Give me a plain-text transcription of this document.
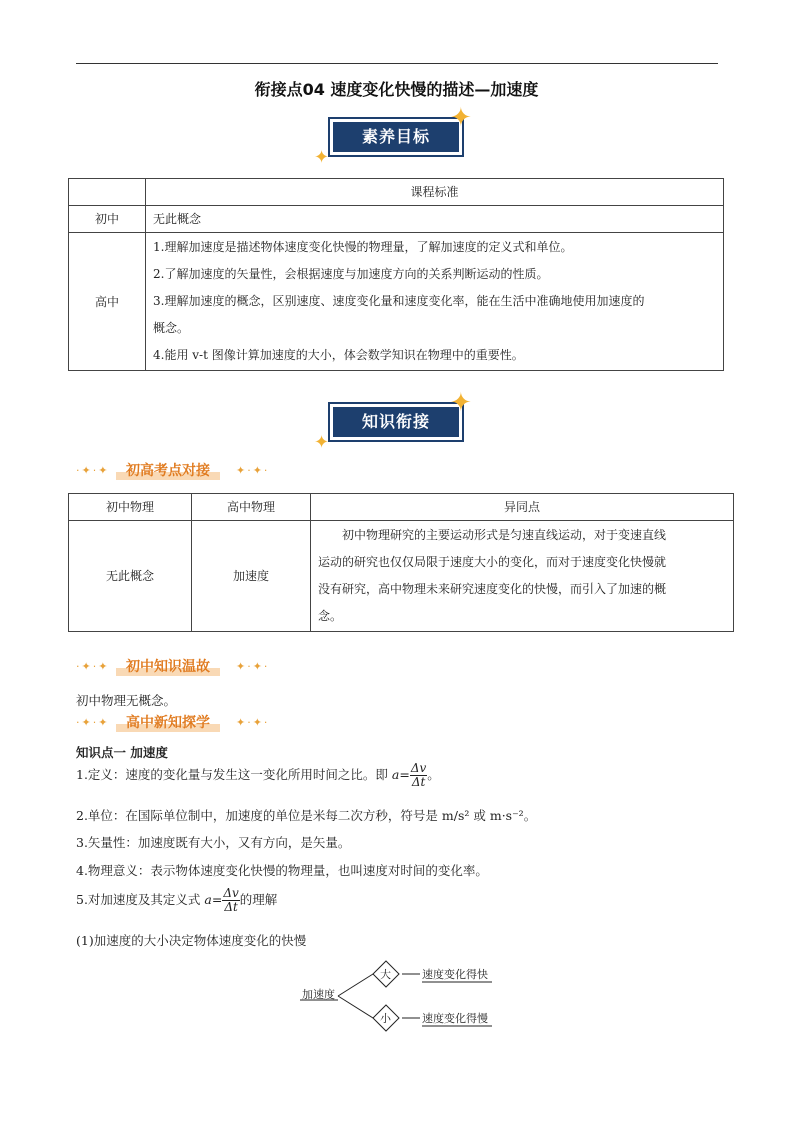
衔接点04 速度变化快慢的描述—加速度
素养目标
✦
✦
	课程标准
初中	无此概念
高中	1.理解加速度是描述物体速度变化快慢的物理量，了解加速度的定义式和单位。
2.了解加速度的矢量性，会根据速度与加速度方向的关系判断运动的性质。
3.理解加速度的概念，区别速度、速度变化量和速度变化率，能在生活中准确地使用加速度的
概念。
4.能用 v-t 图像计算加速度的大小，体会数学知识在物理中的重要性。
知识衔接
✦
✦
·✦·✦	初高考点对接	✦·✦·
初中物理	高中物理	异同点
无此概念	加速度	初中物理研究的主要运动形式是匀速直线运动，对于变速直线
运动的研究也仅仅局限于速度大小的变化，而对于速度变化快慢就
没有研究，高中物理未来研究速度变化的快慢，而引入了加速的概
念。
·✦·✦	初中知识温故	✦·✦·
初中物理无概念。
·✦·✦	高中新知探学	✦·✦·
知识点一 加速度
1.定义：速度的变化量与发生这一变化所用时间之比。即 $a= \frac{\Delta v}{\Delta t}$ 。
2.单位：在国际单位制中，加速度的单位是米每二次方秒，符号是 m/s² 或 m·s⁻²。
3.矢量性：加速度既有大小，又有方向，是矢量。
4.物理意义：表示物体速度变化快慢的物理量，也叫速度对时间的变化率。
5.对加速度及其定义式 $a= \frac{\Delta v}{\Delta t}$ 的理解
(1)加速度的大小决定物体速度变化的快慢
加速度
大
小
速度变化得快
速度变化得慢
